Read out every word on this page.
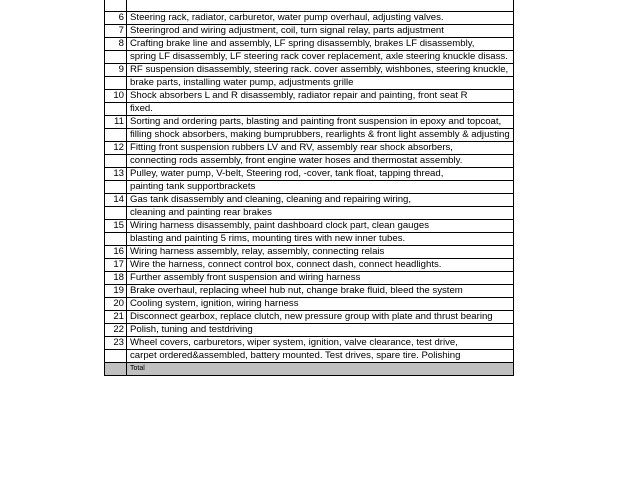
6	Steering rack, radiator, carburetor, water pump overhaul, adjusting valves.
7	Steeringrod and wiring adjustment, coil, turn signal relay, parts adjustment
8	Crafting brake line and assembly, LF spring disassembly, brakes LF disassembly,
	spring LF disassembly, LF steering rack cover replacement, axle steering knuckle disass.
9	RF suspension disassembly, steering rack. cover assembly, wishbones, steering knuckle,
	brake parts, installing water pump, adjustments grille
10	Shock absorbers L and R disassembly, radiator repair and painting, front seat R
	fixed.
11	Sorting and ordering parts, blasting and painting front suspension in epoxy and topcoat,
	filling shock absorbers, making bumprubbers, rearlights & front light assembly & adjusting
12	Fitting front suspension rubbers LV and RV, assembly rear shock absorbers,
	connecting rods assembly, front engine water hoses and thermostat assembly.
13	Pulley, water pump, V-belt, Steering rod, -cover, tank float, tapping thread,
	painting tank supportbrackets
14	Gas tank disassembly and cleaning, cleaning and repairing wiring,
	cleaning and painting rear brakes
15	Wiring harness disassembly, paint dashboard clock part, clean gauges
	blasting and painting 5 rims, mounting tires with new inner tubes.
16	Wiring harness assembly, relay, assembly, connecting relais
17	Wire the harness, connect control box, connect dash, connect headlights.
18	Further assembly front suspension and wiring harness
19	Brake overhaul, replacing wheel hub nut, change brake fluid, bleed the system
20	Cooling system, ignition, wiring harness
21	Disconnect gearbox, replace clutch, new pressure group with plate and thrust bearing
22	Polish, tuning and testdriving
23	Wheel covers, carburetors, wiper system, ignition, valve clearance, test drive,
	carpet ordered&assembled, battery mounted. Test drives, spare tire. Polishing
	Total
